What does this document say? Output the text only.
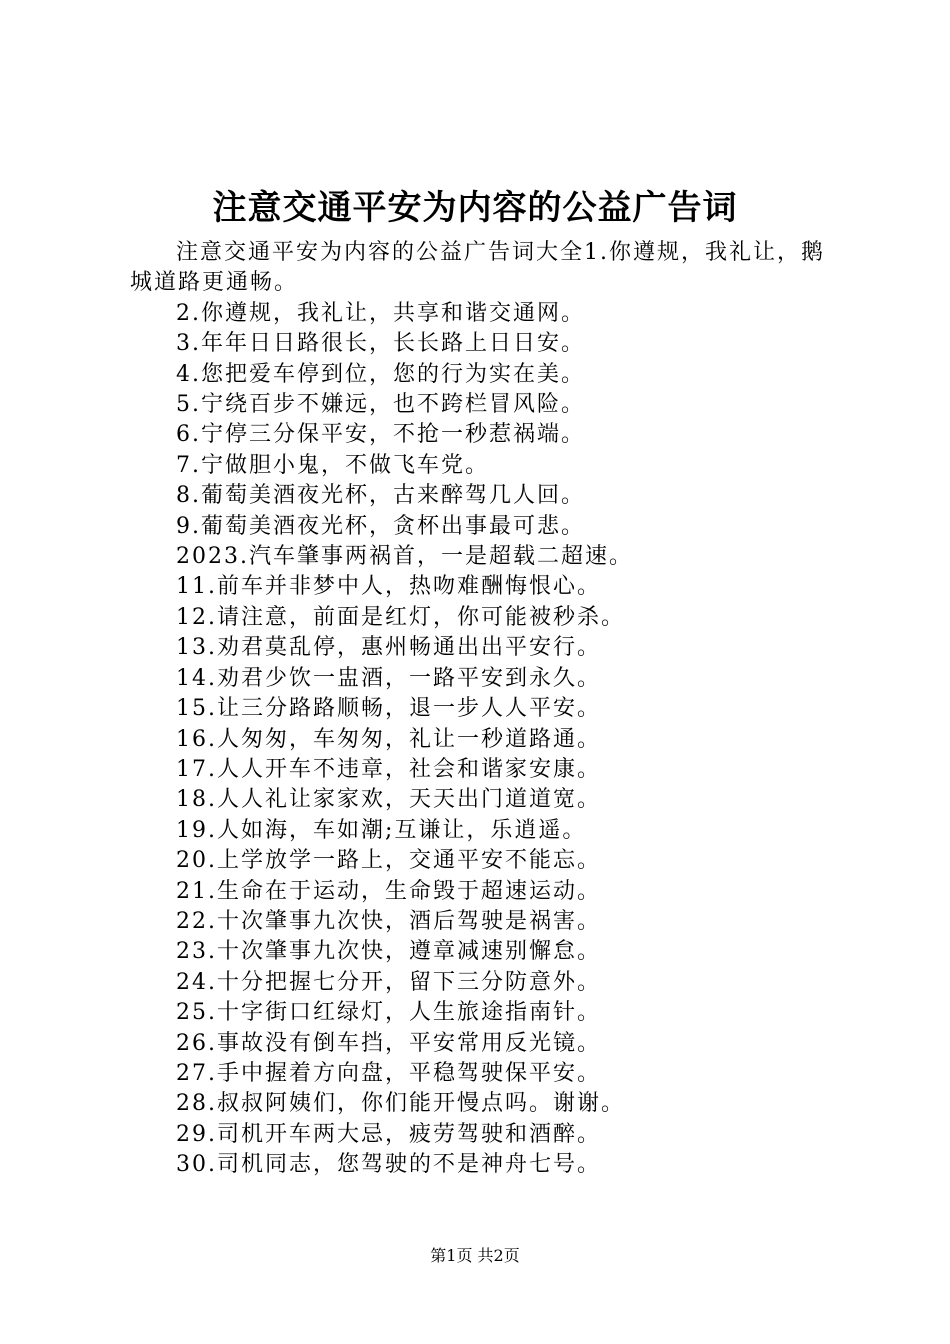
注意交通平安为内容的公益广告词

注意交通平安为内容的公益广告词大全1.你遵规，我礼让，鹅城道路更通畅。

2.你遵规，我礼让，共享和谐交通网。

3.年年日日路很长，长长路上日日安。

4.您把爱车停到位，您的行为实在美。

5.宁绕百步不嫌远，也不跨栏冒风险。

6.宁停三分保平安，不抢一秒惹祸端。

7.宁做胆小鬼，不做飞车党。

8.葡萄美酒夜光杯，古来醉驾几人回。

9.葡萄美酒夜光杯，贪杯出事最可悲。

2023.汽车肇事两祸首，一是超载二超速。

11.前车并非梦中人，热吻难酬悔恨心。

12.请注意，前面是红灯，你可能被秒杀。

13.劝君莫乱停，惠州畅通出出平安行。

14.劝君少饮一盅酒，一路平安到永久。

15.让三分路路顺畅，退一步人人平安。

16.人匆匆，车匆匆，礼让一秒道路通。

17.人人开车不违章，社会和谐家安康。

18.人人礼让家家欢，天天出门道道宽。

19.人如海，车如潮;互谦让，乐逍遥。

20.上学放学一路上，交通平安不能忘。

21.生命在于运动，生命毁于超速运动。

22.十次肇事九次快，酒后驾驶是祸害。

23.十次肇事九次快，遵章减速别懈怠。

24.十分把握七分开，留下三分防意外。

25.十字街口红绿灯，人生旅途指南针。

26.事故没有倒车挡，平安常用反光镜。

27.手中握着方向盘，平稳驾驶保平安。

28.叔叔阿姨们，你们能开慢点吗。谢谢。

29.司机开车两大忌，疲劳驾驶和酒醉。

30.司机同志，您驾驶的不是神舟七号。

第1页 共2页
